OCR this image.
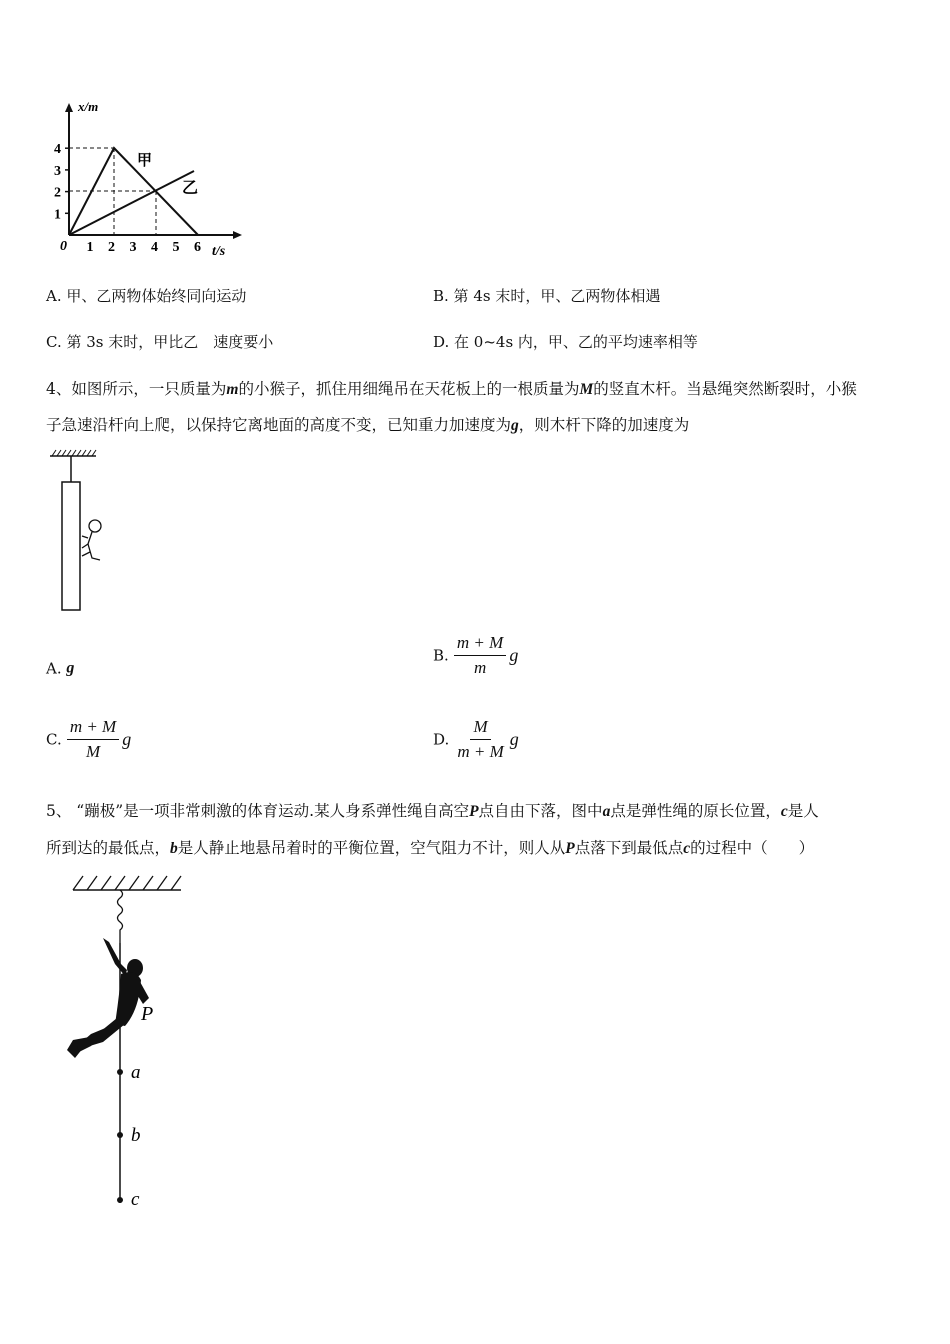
x/m
t/s
0
1
2
3
4
1 2 3 4 5 6
甲
乙
A. 甲、乙两物体始终同向运动	B. 第 4s 末时，甲、乙两物体相遇
C. 第 3s 末时，甲比乙　速度要小	D. 在 0~4s 内，甲、乙的平均速率相等
4、如图所示，一只质量为m的小猴子，抓住用细绳吊在天花板上的一根质量为M的竖直木杆。当悬绳突然断裂时，小猴
子急速沿杆向上爬，以保持它离地面的高度不变，已知重力加速度为g，则木杆下降的加速度为
A. g
B. $\frac{m + M}{m}$ g
C. $\frac{m + M}{M}$ g	D. $\frac{M}{m + M}$ g
5、 “蹦极”是一项非常刺激的体育运动.某人身系弹性绳自高空P点自由下落，图中a点是弹性绳的原长位置，c是人
所到达的最低点，b是人静止地悬吊着时的平衡位置，空气阻力不计，则人从P点落下到最低点c的过程中（　　）
P
a
b
c
